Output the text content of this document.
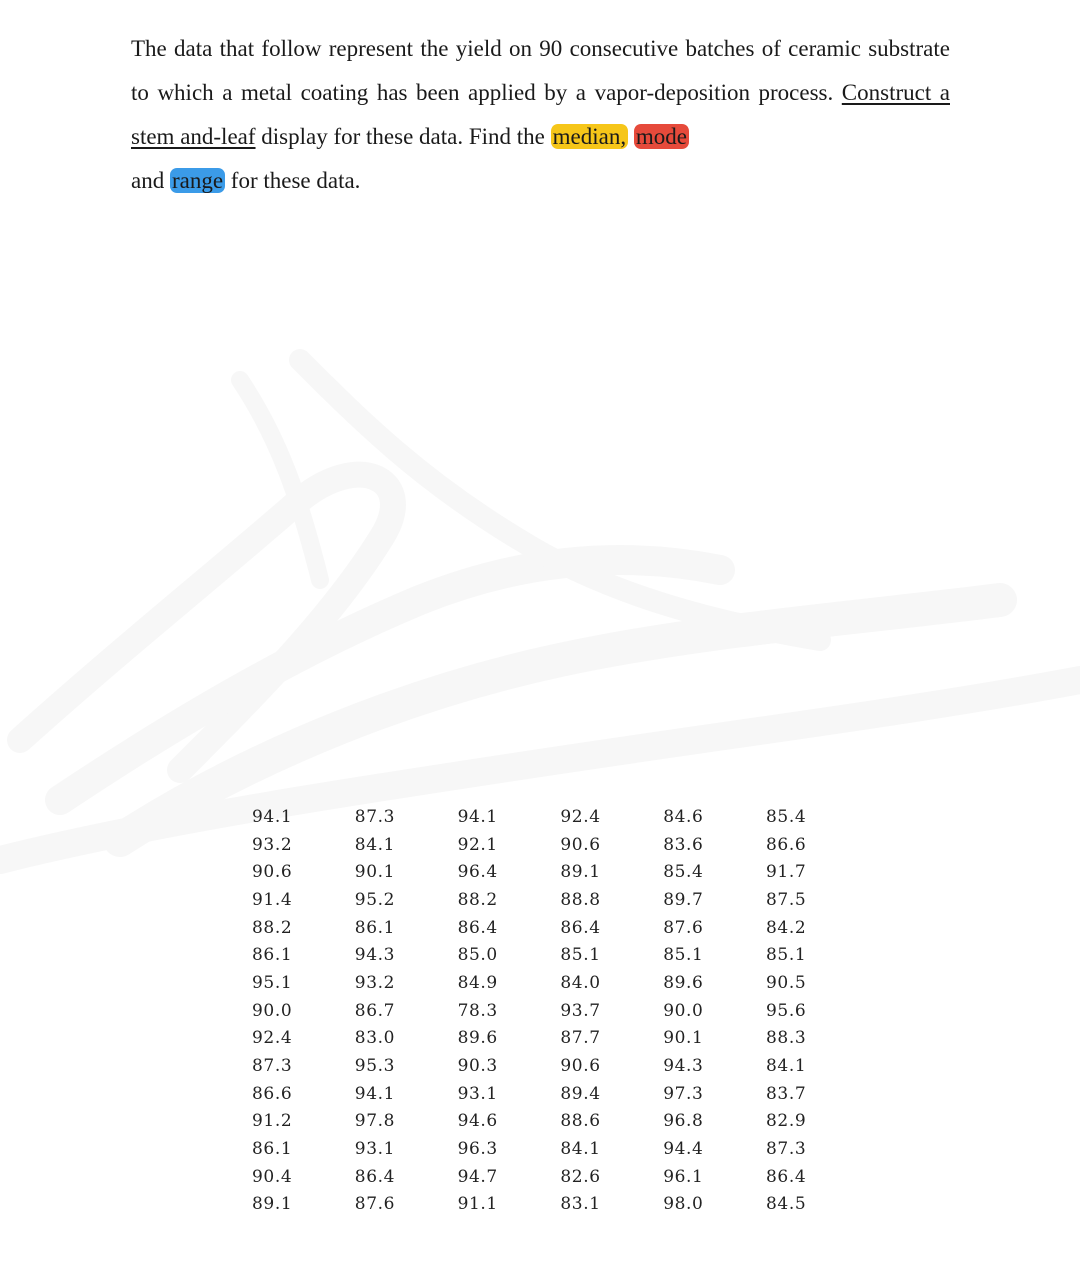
The data that follow represent the yield on 90 consecutive batches of ceramic substrate to which a metal coating has been applied by a vapor-deposition process. Construct a stem and-leaf display for these data. Find the median, mode
and range for these data.

94.1	87.3	94.1	92.4	84.6	85.4
93.2	84.1	92.1	90.6	83.6	86.6
90.6	90.1	96.4	89.1	85.4	91.7
91.4	95.2	88.2	88.8	89.7	87.5
88.2	86.1	86.4	86.4	87.6	84.2
86.1	94.3	85.0	85.1	85.1	85.1
95.1	93.2	84.9	84.0	89.6	90.5
90.0	86.7	78.3	93.7	90.0	95.6
92.4	83.0	89.6	87.7	90.1	88.3
87.3	95.3	90.3	90.6	94.3	84.1
86.6	94.1	93.1	89.4	97.3	83.7
91.2	97.8	94.6	88.6	96.8	82.9
86.1	93.1	96.3	84.1	94.4	87.3
90.4	86.4	94.7	82.6	96.1	86.4
89.1	87.6	91.1	83.1	98.0	84.5
